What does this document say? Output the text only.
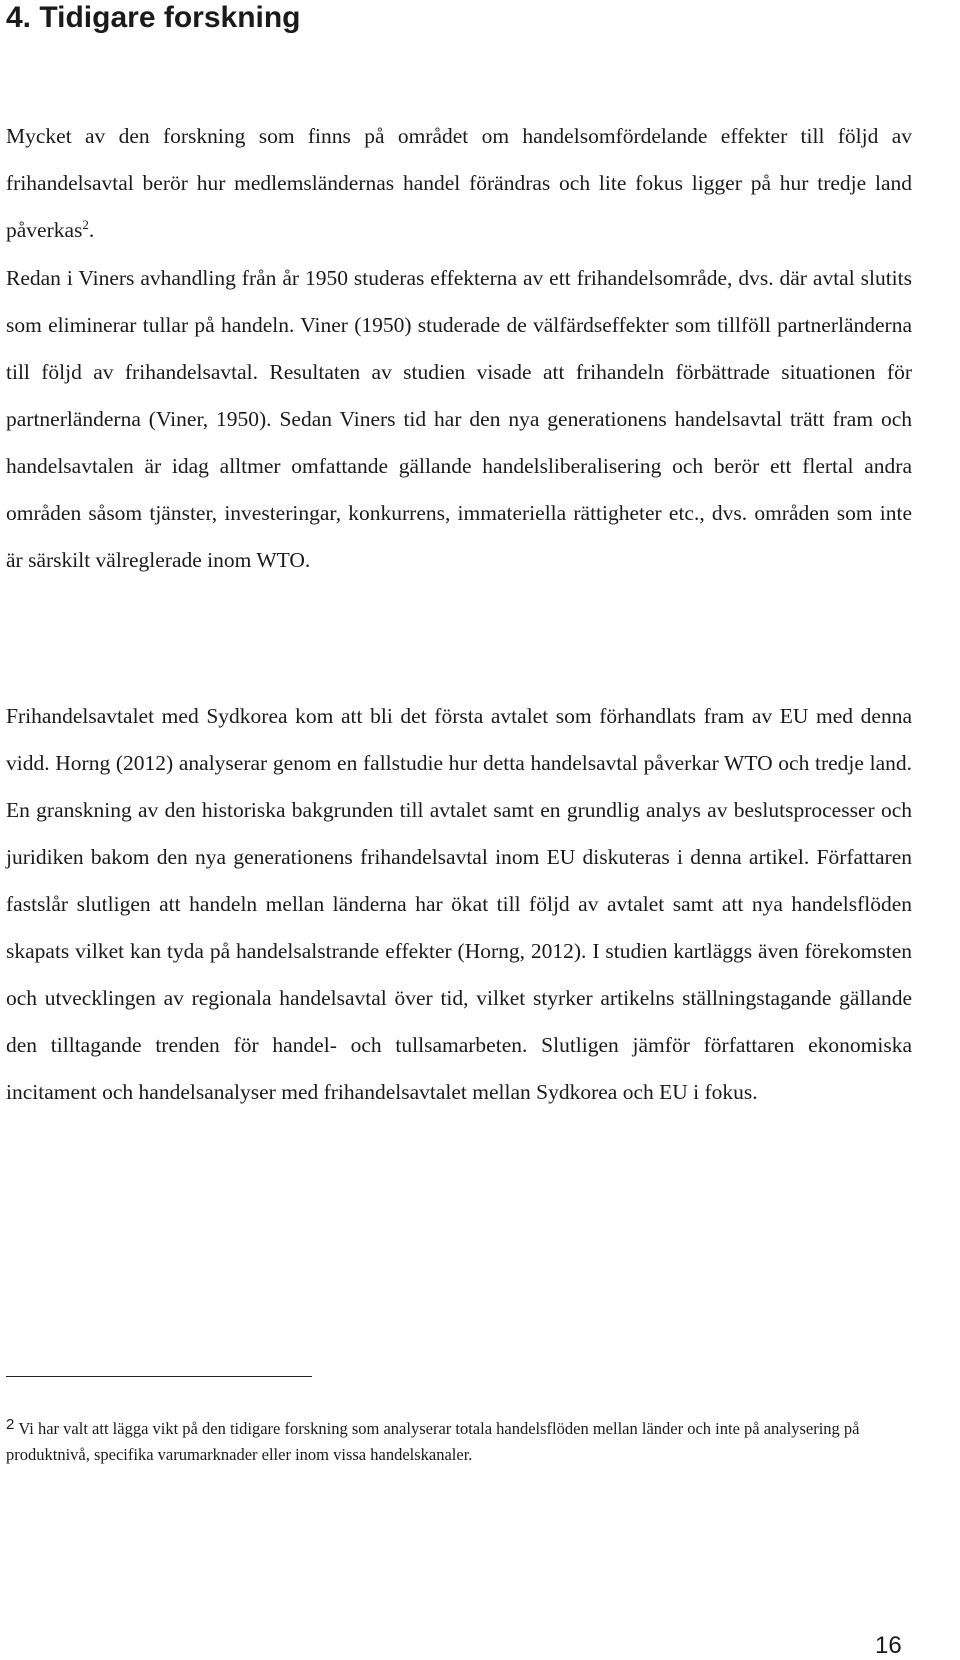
4. Tidigare forskning

Mycket av den forskning som finns på området om handelsomfördelande effekter till följd av frihandelsavtal berör hur medlemsländernas handel förändras och lite fokus ligger på hur tredje land påverkas$^2$.

Redan i Viners avhandling från år 1950 studeras effekterna av ett frihandelsområde, dvs. där avtal slutits som eliminerar tullar på handeln. Viner (1950) studerade de välfärdseffekter som tillföll partnerländerna till följd av frihandelsavtal. Resultaten av studien visade att frihandeln förbättrade situationen för partnerländerna (Viner, 1950). Sedan Viners tid har den nya generationens handelsavtal trätt fram och handelsavtalen är idag alltmer omfattande gällande handelsliberalisering och berör ett flertal andra områden såsom tjänster, investeringar, konkurrens, immateriella rättigheter etc., dvs. områden som inte är särskilt välreglerade inom WTO.

Frihandelsavtalet med Sydkorea kom att bli det första avtalet som förhandlats fram av EU med denna vidd. Horng (2012) analyserar genom en fallstudie hur detta handelsavtal påverkar WTO och tredje land. En granskning av den historiska bakgrunden till avtalet samt en grundlig analys av beslutsprocesser och juridiken bakom den nya generationens frihandelsavtal inom EU diskuteras i denna artikel. Författaren fastslår slutligen att handeln mellan länderna har ökat till följd av avtalet samt att nya handelsflöden skapats vilket kan tyda på handelsalstrande effekter (Horng, 2012). I studien kartläggs även förekomsten och utvecklingen av regionala handelsavtal över tid, vilket styrker artikelns ställningstagande gällande den tilltagande trenden för handel- och tullsamarbeten. Slutligen jämför författaren ekonomiska incitament och handelsanalyser med frihandelsavtalet mellan Sydkorea och EU i fokus.

2 Vi har valt att lägga vikt på den tidigare forskning som analyserar totala handelsflöden mellan länder och inte på analysering på produktnivå, specifika varumarknader eller inom vissa handelskanaler.

16
